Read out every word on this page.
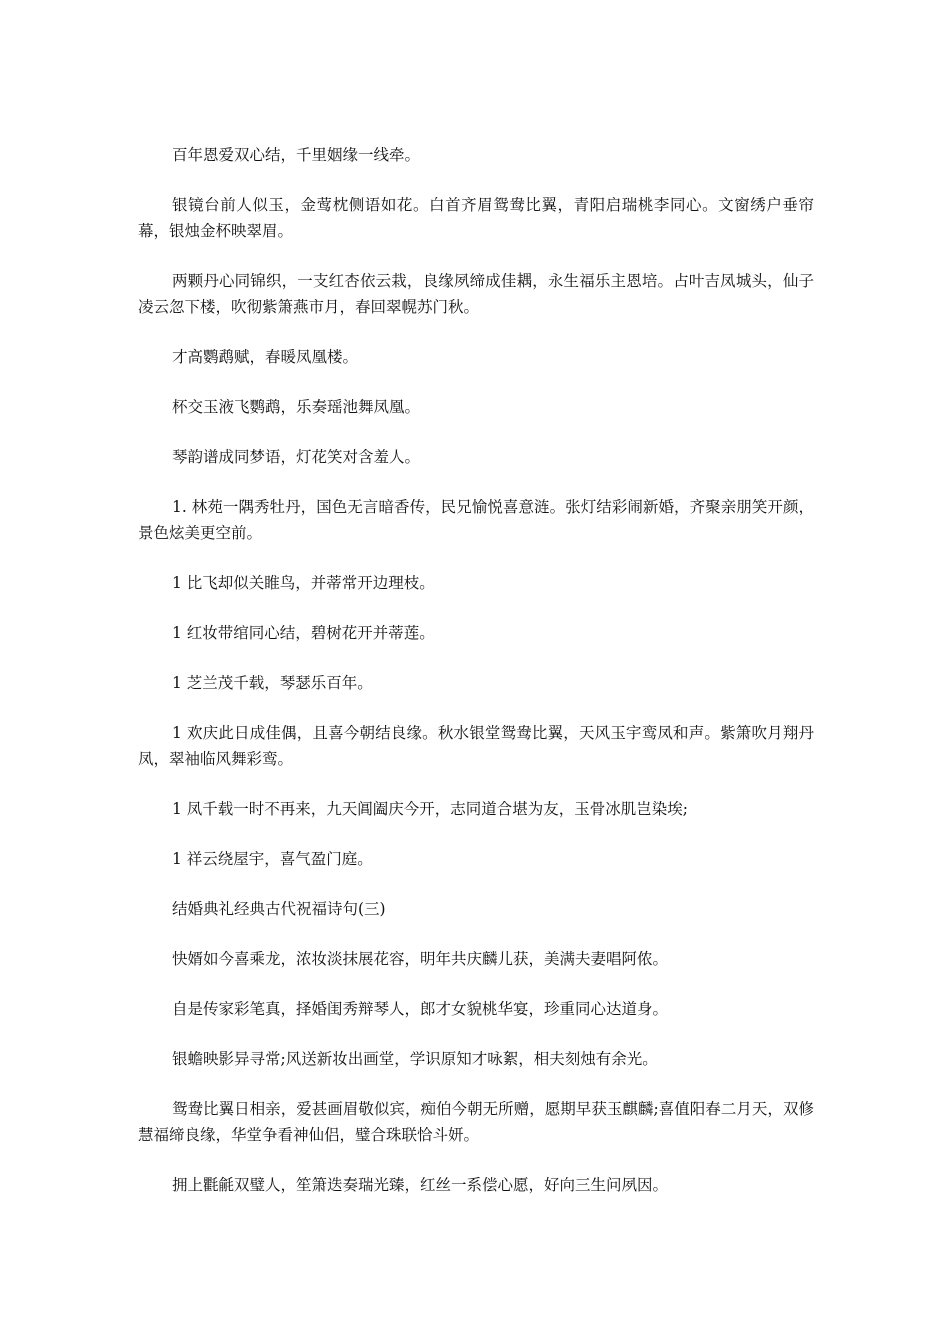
百年恩爱双心结，千里姻缘一线牵。

银镜台前人似玉，金莺枕侧语如花。白首齐眉鸳鸯比翼，青阳启瑞桃李同心。文窗绣户垂帘幕，银烛金杯映翠眉。

两颗丹心同锦织，一支红杏依云栽，良缘夙缔成佳耦，永生福乐主恩培。占叶吉凤城头，仙子凌云忽下楼，吹彻紫箫燕市月，春回翠幌苏门秋。

才高鹦鹉赋，春暖凤凰楼。

杯交玉液飞鹦鹉，乐奏瑶池舞凤凰。

琴韵谱成同梦语，灯花笑对含羞人。

1. 林苑一隅秀牡丹，国色无言暗香传，民兄愉悦喜意涟。张灯结彩闹新婚，齐聚亲朋笑开颜，景色炫美更空前。

1 比飞却似关睢鸟，并蒂常开边理枝。

1 红妆带绾同心结，碧树花开并蒂莲。

1 芝兰茂千载，琴瑟乐百年。

1 欢庆此日成佳偶，且喜今朝结良缘。秋水银堂鸳鸯比翼，天风玉宇鸾凤和声。紫箫吹月翔丹凤，翠袖临风舞彩鸾。

1 凤千载一时不再来，九天阊阖庆今开，志同道合堪为友，玉骨冰肌岂染埃;

1 祥云绕屋宇，喜气盈门庭。

结婚典礼经典古代祝福诗句(三)

快婿如今喜乘龙，浓妆淡抹展花容，明年共庆麟儿获，美满夫妻唱阿侬。

自是传家彩笔真，择婚闺秀辩琴人，郎才女貌桃华宴，珍重同心达道身。

银蟾映影异寻常;风送新妆出画堂，学识原知才咏絮，相夫刻烛有余光。

鸳鸯比翼日相亲，爱甚画眉敬似宾，痴伯今朝无所赠，愿期早获玉麒麟;喜值阳春二月天，双修慧福缔良缘，华堂争看神仙侣，璧合珠联恰斗妍。

拥上氍毹双璧人，笙箫迭奏瑞光臻，红丝一系偿心愿，好向三生问夙因。
